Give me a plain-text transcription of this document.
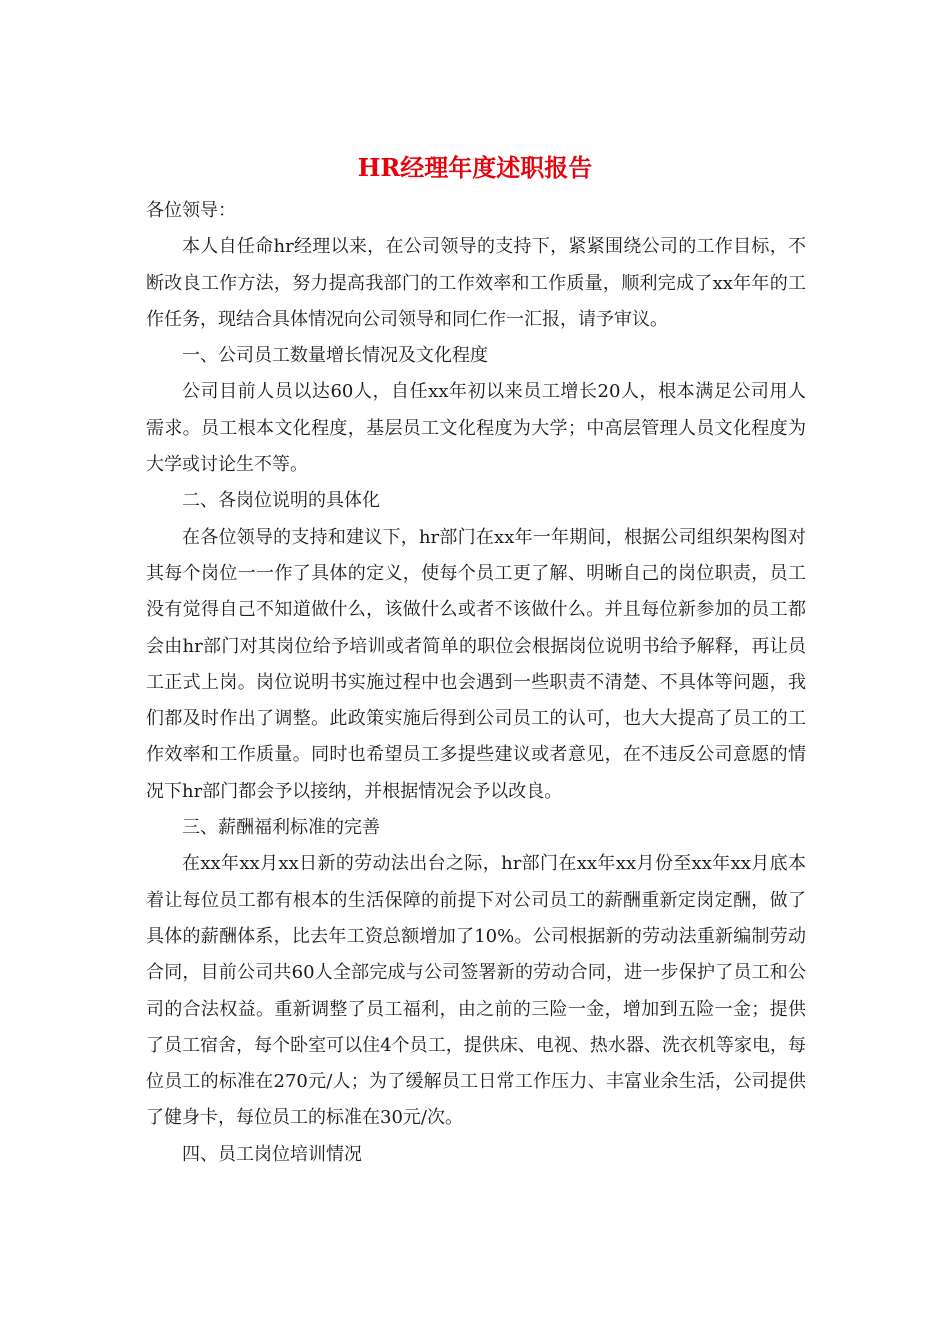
HR经理年度述职报告

各位领导：

本人自任命hr经理以来，在公司领导的支持下，紧紧围绕公司的工作目标，不断改良工作方法，努力提高我部门的工作效率和工作质量，顺利完成了xx年年的工作任务，现结合具体情况向公司领导和同仁作一汇报，请予审议。

一、公司员工数量增长情况及文化程度

公司目前人员以达60人，自任xx年初以来员工增长20人，根本满足公司用人需求。员工根本文化程度，基层员工文化程度为大学；中高层管理人员文化程度为大学或讨论生不等。

二、各岗位说明的具体化

在各位领导的支持和建议下，hr部门在xx年一年期间，根据公司组织架构图对其每个岗位一一作了具体的定义，使每个员工更了解、明晰自己的岗位职责，员工没有觉得自己不知道做什么，该做什么或者不该做什么。并且每位新参加的员工都会由hr部门对其岗位给予培训或者简单的职位会根据岗位说明书给予解释，再让员工正式上岗。岗位说明书实施过程中也会遇到一些职责不清楚、不具体等问题，我们都及时作出了调整。此政策实施后得到公司员工的认可，也大大提高了员工的工作效率和工作质量。同时也希望员工多提些建议或者意见，在不违反公司意愿的情况下hr部门都会予以接纳，并根据情况会予以改良。

三、薪酬福利标准的完善

在xx年xx月xx日新的劳动法出台之际，hr部门在xx年xx月份至xx年xx月底本着让每位员工都有根本的生活保障的前提下对公司员工的薪酬重新定岗定酬，做了具体的薪酬体系，比去年工资总额增加了10%。公司根据新的劳动法重新编制劳动合同，目前公司共60人全部完成与公司签署新的劳动合同，进一步保护了员工和公司的合法权益。重新调整了员工福利，由之前的三险一金，增加到五险一金；提供了员工宿舍，每个卧室可以住4个员工，提供床、电视、热水器、洗衣机等家电，每位员工的标准在270元/人；为了缓解员工日常工作压力、丰富业余生活，公司提供了健身卡，每位员工的标准在30元/次。

四、员工岗位培训情况
